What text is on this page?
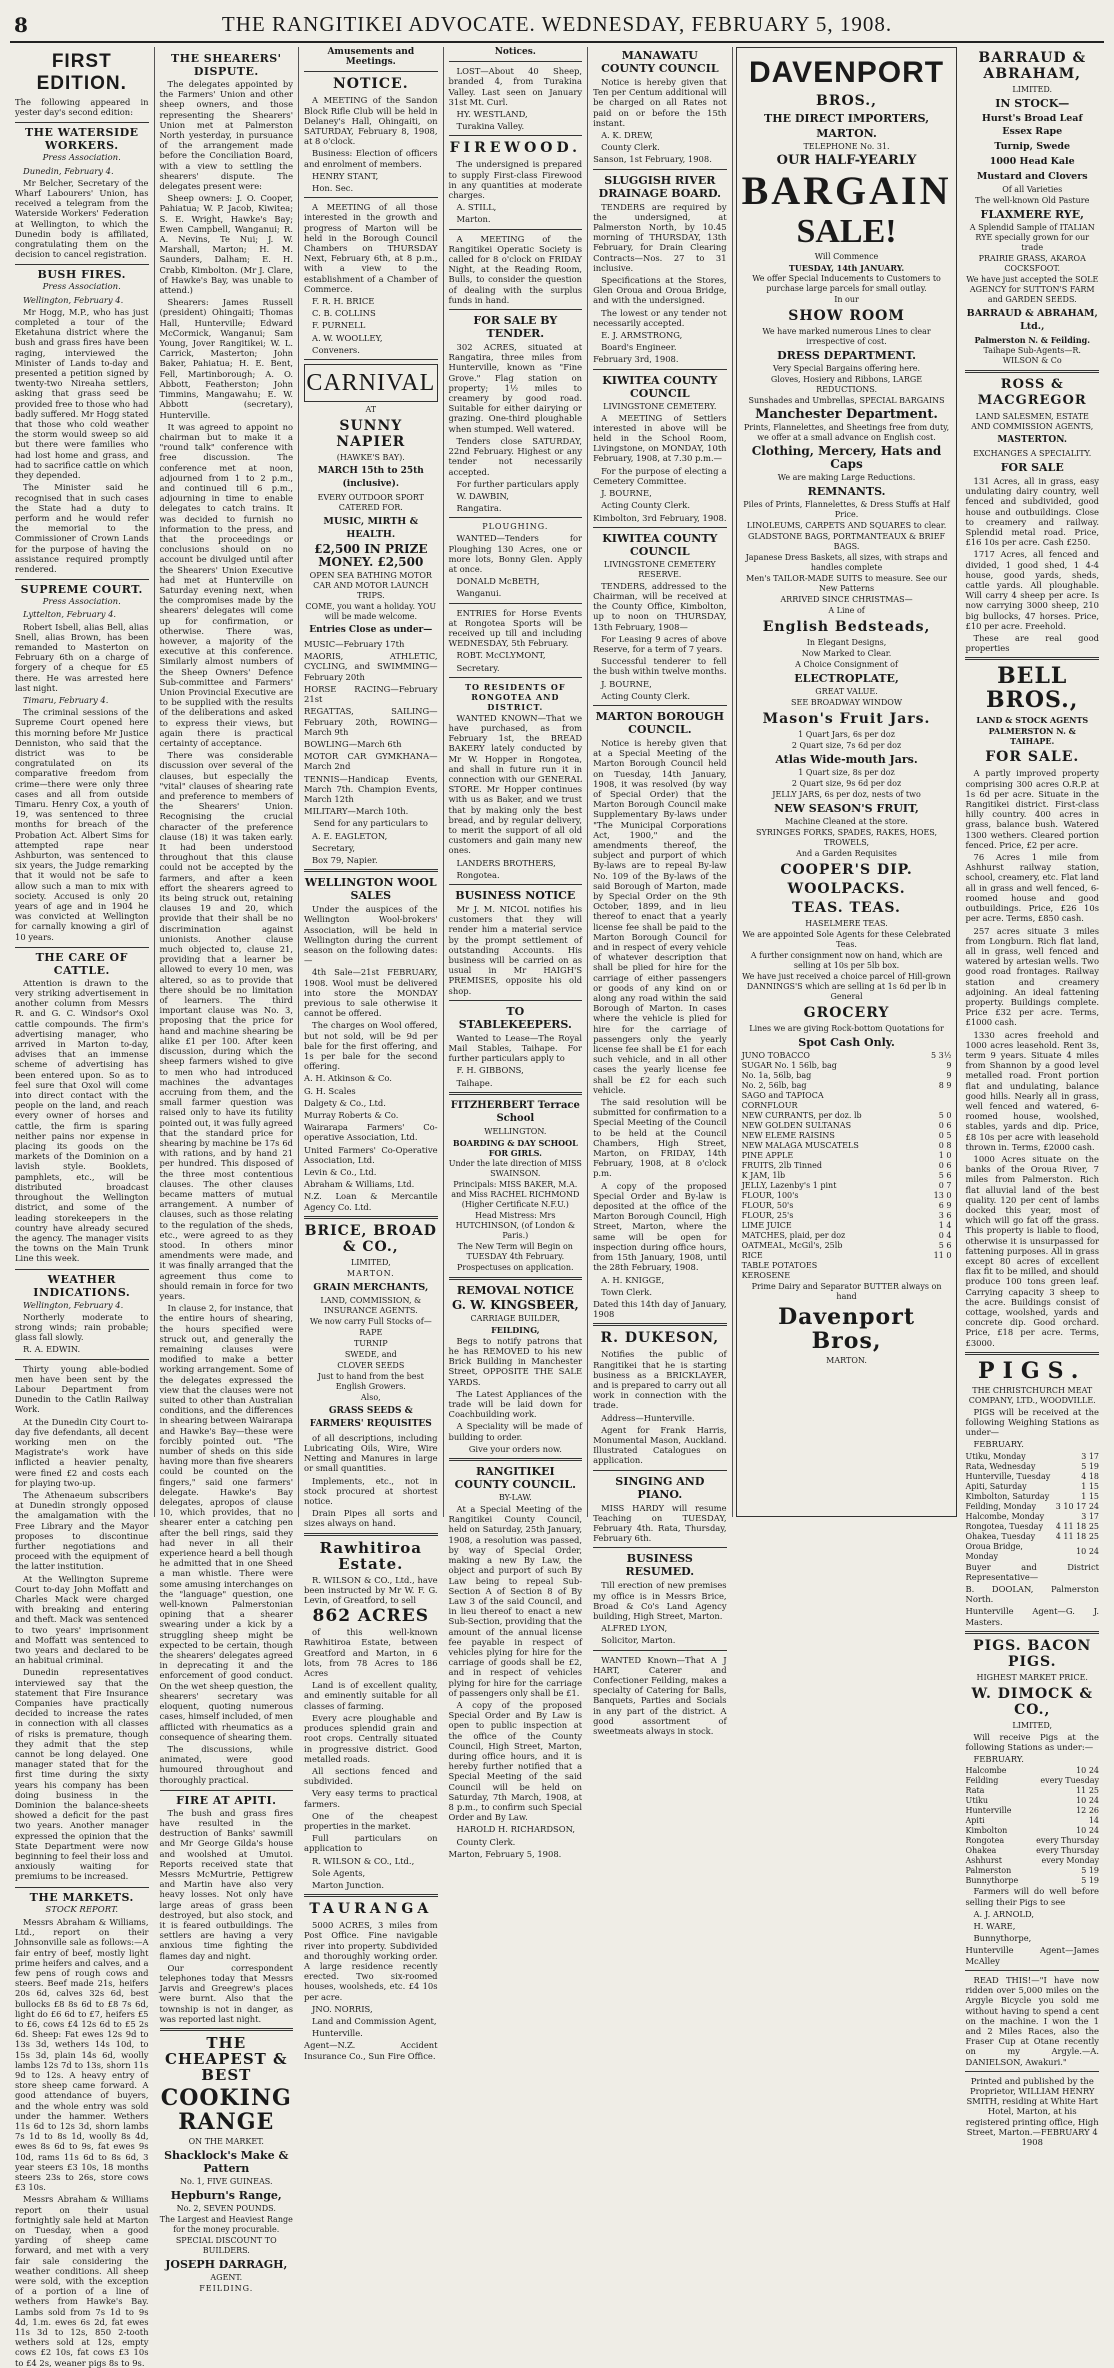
8	THE RANGITIKEI ADVOCATE. WEDNESDAY, FEBRUARY 5, 1908.
FIRST EDITION.

The following appeared in yester day's second edition:

THE WATERSIDE WORKERS.
Press Association.

Dunedin, February 4.

Mr Belcher, Secretary of the Wharf Labourers' Union, has received a telegram from the Waterside Workers' Federation at Wellington, to which the Dunedin body is affiliated, congratulating them on the decision to cancel registration.

BUSH FIRES.
Press Association.

Wellington, February 4.

Mr Hogg, M.P., who has just completed a tour of the Eketahuna district where the bush and grass fires have been raging, interviewed the Minister of Lands to-day and presented a petition signed by twenty-two Nireaha settlers, asking that grass seed be provided free to those who had badly suffered. Mr Hogg stated that those who cold weather the storm would sweep so aid but there were families who had lost home and grass, and had to sacrifice cattle on which they depended.

The Minister said he recognised that in such cases the State had a duty to perform and he would refer the memorial to the Commissioner of Crown Lands for the purpose of having the assistance required promptly rendered.

SUPREME COURT.
Press Association.

Lyttelton, February 4.

Robert Isbell, alias Bell, alias Snell, alias Brown, has been remanded to Masterton on February 6th on a charge of forgery of a cheque for £5 there. He was arrested here last night.

Timaru, February 4.

The criminal sessions of the Supreme Court opened here this morning before Mr Justice Denniston, who said that the district was to be congratulated on its comparative freedom from crime—there were only three cases and all from outside Timaru. Henry Cox, a youth of 19, was sentenced to three months for breach of the Probation Act. Albert Sims for attempted rape near Ashburton, was sentenced to six years, the Judge remarking that it would not be safe to allow such a man to mix with society. Accused is only 20 years of age and in 1904 he was convicted at Wellington for carnally knowing a girl of 10 years.

THE CARE OF CATTLE.

Attention is drawn to the very striking advertisement in another column from Messrs R. and G. C. Windsor's Oxol cattle compounds. The firm's advertising manager, who arrived in Marton to-day, advises that an immense scheme of advertising has been entered upon. So as to feel sure that Oxol will come into direct contact with the people on the land, and reach every owner of horses and cattle, the firm is sparing neither pains nor expense in placing its goods on the markets of the Dominion on a lavish style. Booklets, pamphlets, etc., will be distributed broadcast throughout the Wellington district, and some of the leading storekeepers in the country have already secured the agency. The manager visits the towns on the Main Trunk Line this week.

WEATHER INDICATIONS.

Wellington, February 4.

Northerly moderate to strong winds; rain probable; glass fall slowly.

R. A. EDWIN.

Thirty young able-bodied men have been sent by the Labour Department from Dunedin to the Catlin Railway Work.

At the Dunedin City Court to-day five defendants, all decent working men on the Magistrate's work have inflicted a heavier penalty, were fined £2 and costs each for playing two-up.

The Athenaeum subscribers at Dunedin strongly opposed the amalgamation with the Free Library and the Mayor proposes to discontinue further negotiations and proceed with the equipment of the latter institution.

At the Wellington Supreme Court to-day John Moffatt and Charles Mack were charged with breaking and entering and theft. Mack was sentenced to two years' imprisonment and Moffatt was sentenced to two years and declared to be an habitual criminal.

Dunedin representatives interviewed say that the statement that Fire Insurance Companies have practically decided to increase the rates in connection with all classes of risks is premature, though they admit that the step cannot be long delayed. One manager stated that for the first time during the sixty years his company has been doing business in the Dominion the balance-sheets showed a deficit for the past two years. Another manager expressed the opinion that the State Department were now beginning to feel their loss and anxiously waiting for premiums to be increased.

THE MARKETS.
STOCK REPORT.

Messrs Abraham & Williams, Ltd., report on their Johnsonville sale as follows:—A fair entry of beef, mostly light prime heifers and calves, and a few pens of rough cows and steers. Beef made 21s, heifers 20s 6d, calves 32s 6d, best bullocks £8 8s 6d to £8 7s 6d, light do £6 6d to £7, heifers £5 to £6, cows £4 12s 6d to £5 2s 6d. Sheep: Fat ewes 12s 9d to 13s 3d, wethers 14s 10d, to 15s 3d, plain 14s 6d, woolly lambs 12s 7d to 13s, shorn 11s 9d to 12s. A heavy entry of store sheep came forward. A good attendance of buyers, and the whole entry was sold under the hammer. Wethers 11s 6d to 12s 3d, shorn lambs 7s 1d to 8s 1d, woolly 8s 4d, ewes 8s 6d to 9s, fat ewes 9s 10d, rams 11s 6d to 8s 6d, 3 year steers £3 10s, 18 months steers 23s to 26s, store cows £3 10s.

Messrs Abraham & Williams report on their usual fortnightly sale held at Marton on Tuesday, when a good yarding of sheep came forward, and met with a very fair sale considering the weather conditions. All sheep were sold, with the exception of a portion of a line of wethers from Hawke's Bay. Lambs sold from 7s 1d to 9s 4d, 1.m. ewes 6s 2d, fat ewes 11s 3d to 12s, 850 2-tooth wethers sold at 12s, empty cows £2 10s, fat cows £3 10s to £4 2s, weaner pigs 8s to 9s.

THE SHEARERS' DISPUTE.

The delegates appointed by the Farmers' Union and other sheep owners, and those representing the Shearers' Union met at Palmerston North yesterday, in pursuance of the arrangement made before the Conciliation Board, with a view to settling the shearers' dispute. The delegates present were:

Sheep owners: J. O. Cooper, Pahiatua; W. P. Jacob, Kiwitea; S. E. Wright, Hawke's Bay; Ewen Campbell, Wanganui; R. A. Nevins, Te Nui; J. W. Marshall, Marton; H. M. Saunders, Dalham; E. H. Crabb, Kimbolton. (Mr J. Clare, of Hawke's Bay, was unable to attend.)

Shearers: James Russell (president) Ohingaiti; Thomas Hall, Hunterville; Edward McCormick, Wanganui; Sam Young, Jover Rangitikei; W. L. Carrick, Masterton; John Baker, Pahiatua; H. E. Bent, Fell, Martinborough; A. O. Abbott, Featherston; John Timmins, Mangawahu; E. W. Abbott (secretary), Hunterville.

It was agreed to appoint no chairman but to make it a "round talk" conference with free discussion. The conference met at noon, adjourned from 1 to 2 p.m., and continued till 6 p.m., adjourning in time to enable delegates to catch trains. It was decided to furnish no information to the press, and that the proceedings or conclusions should on no account be divulged until after the Shearers' Union Executive had met at Hunterville on Saturday evening next, when the compromises made by the shearers' delegates will come up for confirmation, or otherwise. There was, however, a majority of the executive at this conference. Similarly almost numbers of the Sheep Owners' Defence Sub-committee and Farmers' Union Provincial Executive are to be supplied with the results of the deliberations and asked to express their views, but again there is practical certainty of acceptance.

There was considerable discussion over several of the clauses, but especially the "vital" clauses of shearing rate and preference to members of the Shearers' Union. Recognising the crucial character of the preference clause (18) it was taken early. It had been understood throughout that this clause could not be accepted by the farmers, and after a keen effort the shearers agreed to its being struck out, retaining clauses 19 and 20, which provide that their shall be no discrimination against unionists. Another clause much objected to, clause 21, providing that a learner be allowed to every 10 men, was altered, so as to provide that there should be no limitation of learners. The third important clause was No. 3, proposing that the price for hand and machine shearing be alike £1 per 100. After keen discussion, during which the sheep farmers wished to give to men who had introduced machines the advantages accruing from them, and the small farmer question was raised only to have its futility pointed out, it was fully agreed that the standard price for shearing by machine be 17s 6d with rations, and by hand 21 per hundred. This disposed of the three most contentious clauses. The other clauses became matters of mutual arrangement. A number of clauses, such as those relating to the regulation of the sheds, etc., were agreed to as they stood. In others minor amendments were made, and it was finally arranged that the agreement thus come to should remain in force for two years.

In clause 2, for instance, that the entire hours of shearing, the hours specified were struck out, and generally the remaining clauses were modified to make a better working arrangement. Some of the delegates expressed the view that the clauses were not suited to other than Australian conditions, and the differences in shearing between Wairarapa and Hawke's Bay—these were forcibly pointed out. "The number of sheds on this side having more than five shearers could be counted on the fingers," said one farmers' delegate. Hawke's Bay delegates, apropos of clause 10, which provides, that no shearer enter a catching pen after the bell rings, said they had never in all their experience heard a bell though he admitted that in one Sheed a man whistle. There were some amusing interchanges on the "language" question, one well-known Palmerstonian opining that a shearer swearing under a kick by a struggling sheep might be expected to be certain, though the shearers' delegates agreed in deprecating it and the enforcement of good conduct. On the wet sheep question, the shearers' secretary was eloquent, quoting numerous cases, himself included, of men afflicted with rheumatics as a consequence of shearing them.

The discussions, while animated, were good humoured throughout and thoroughly practical.

FIRE AT APITI.

The bush and grass fires have resulted in the destruction of Banks' sawmill and Mr George Gilda's house and woolshed at Umutoi. Reports received state that Messrs McMurtrie, Pettigrew and Martin have also very heavy losses. Not only have large areas of grass been destroyed, but also stock, and it is feared outbuildings. The settlers are having a very anxious time fighting the flames day and night.

Our correspondent telephones today that Messrs Jarvis and Greegrew's places were burnt. Also that the township is not in danger, as was reported last night.

THE CHEAPEST & BEST
COOKING RANGE
ON THE MARKET.
Shacklock's Make & Pattern
No. 1, FIVE GUINEAS.
Hepburn's Range,
No. 2, SEVEN POUNDS.
The Largest and Heaviest Range for the money procurable.
SPECIAL DISCOUNT TO BUILDERS.
JOSEPH DARRAGH,
AGENT.
FEILDING.
Amusements and Meetings.
NOTICE.

A MEETING of the Sandon Block Rifle Club will be held in Delaney's Hall, Ohingaiti, on SATURDAY, February 8, 1908, at 8 o'clock.

Business: Election of officers and enrolment of members.

HENRY STANT,

Hon. Sec.

A MEETING of all those interested in the growth and progress of Marton will be held in the Borough Council Chambers on THURSDAY Next, February 6th, at 8 p.m., with a view to the establishment of a Chamber of Commerce.

F. R. H. BRICE

C. B. COLLINS

F. PURNELL

A. W. WOOLLEY,

Conveners.

CARNIVAL
AT
SUNNY NAPIER
(HAWKE'S BAY).
MARCH 15th to 25th (inclusive).
EVERY OUTDOOR SPORT CATERED FOR.
MUSIC, MIRTH & HEALTH.
£2,500 IN PRIZE MONEY. £2,500
OPEN SEA BATHING MOTOR CAR AND MOTOR LAUNCH TRIPS.
COME, you want a holiday. YOU will be made welcome.
Entries Close as under—

MUSIC—February 17th

MAORIS, ATHLETIC, CYCLING, and SWIMMING—February 20th

HORSE RACING—February 21st

REGATTAS, SAILING—February 20th, ROWING—March 9th

BOWLING—March 6th

MOTOR CAR GYMKHANA—March 2nd

TENNIS—Handicap Events, March 7th. Champion Events, March 12th

MILITARY—March 10th.

Send for any particulars to

A. E. EAGLETON,

Secretary,

Box 79, Napier.

WELLINGTON WOOL SALES

Under the auspices of the Wellington Wool-brokers' Association, will be held in Wellington during the current season on the following dates:—

4th Sale—21st FEBRUARY, 1908. Wool must be delivered into store the MONDAY previous to sale otherwise it cannot be offered.

The charges on Wool offered, but not sold, will be 9d per bale for the first offering, and 1s per bale for the second offering.

A. H. Atkinson & Co.

G. H. Scales

Dalgety & Co., Ltd.

Murray Roberts & Co.

Wairarapa Farmers' Co-operative Association, Ltd.

United Farmers' Co-Operative Association, Ltd.

Levin & Co., Ltd.

Abraham & Williams, Ltd.

N.Z. Loan & Mercantile Agency Co. Ltd.

BRICE, BROAD & CO.,
LIMITED,
MARTON.
GRAIN MERCHANTS,
LAND, COMMISSION, & INSURANCE AGENTS.
We now carry Full Stocks of—
RAPE
TURNIP
SWEDE, and
CLOVER SEEDS
Just to hand from the best English Growers.
Also,
GRASS SEEDS & FARMERS' REQUISITES

of all descriptions, including Lubricating Oils, Wire, Wire Netting and Manures in large or small quantities.

Implements, etc., not in stock procured at shortest notice.

Drain Pipes all sorts and sizes always on hand.

Rawhitiroa Estate.

R. WILSON & CO., Ltd., have been instructed by Mr W. F. G. Levin, of Greatford, to sell

862 ACRES

of this well-known Rawhitiroa Estate, between Greatford and Marton, in 6 lots, from 78 Acres to 186 Acres

Land is of excellent quality, and eminently suitable for all classes of farming.

Every acre ploughable and produces splendid grain and root crops. Centrally situated in progressive district. Good metalled roads.

All sections fenced and subdivided.

Very easy terms to practical farmers.

One of the cheapest properties in the market.

Full particulars on application to

R. WILSON & CO., Ltd.,

Sole Agents,

Marton Junction.

TAURANGA

5000 ACRES, 3 miles from Post Office. Fine navigable river into property. Subdivided and thoroughly working order. A large residence recently erected. Two six-roomed houses, woolsheds, etc. £4 10s per acre.

JNO. NORRIS,

Land and Commission Agent,

Hunterville.

Agent—N.Z. Accident Insurance Co., Sun Fire Office.

Notices.

LOST—About 40 Sheep, branded 4, from Turakina Valley. Last seen on January 31st Mt. Curl.

HY. WESTLAND,

Turakina Valley.

FIREWOOD.

The undersigned is prepared to supply First-class Firewood in any quantities at moderate charges.

A. STILL,

Marton.

A MEETING of the Rangitikei Operatic Society is called for 8 o'clock on FRIDAY Night, at the Reading Room, Bulls, to consider the question of dealing with the surplus funds in hand.

FOR SALE BY TENDER.

302 ACRES, situated at Rangatira, three miles from Hunterville, known as "Fine Grove." Flag station on property; 1½ miles to creamery by good road. Suitable for either dairying or grazing. One-third ploughable when stumped. Well watered.

Tenders close SATURDAY, 22nd February. Highest or any tender not necessarily accepted.

For further particulars apply

W. DAWBIN,

Rangatira.

PLOUGHING.

WANTED—Tenders for Ploughing 130 Acres, one or more lots, Bonny Glen. Apply at once.

DONALD McBETH,

Wanganui.

ENTRIES for Horse Events at Rongotea Sports will be received up till and including WEDNESDAY, 5th February.

ROBT. McCLYMONT,

Secretary.

TO RESIDENTS OF RONGOTEA AND DISTRICT.

WANTED KNOWN—That we have purchased, as from February 1st, the BREAD BAKERY lately conducted by Mr W. Hopper in Rongotea, and shall in future run it in connection with our GENERAL STORE. Mr Hopper continues with us as Baker, and we trust that by making only the best bread, and by regular delivery, to merit the support of all old customers and gain many new ones.

LANDERS BROTHERS,

Rongotea.

BUSINESS NOTICE

Mr J. M. NICOL notifies his customers that they will render him a material service by the prompt settlement of outstanding Accounts. His business will be carried on as usual in Mr HAIGH'S PREMISES, opposite his old shop.

TO STABLEKEEPERS.

Wanted to Lease—The Royal Mail Stables, Taihape. For further particulars apply to

F. H. GIBBONS,

Taihape.

FITZHERBERT Terrace School
WELLINGTON.
BOARDING & DAY SCHOOL FOR GIRLS.
Under the late direction of MISS SWAINSON.
Principals: MISS BAKER, M.A. and Miss RACHEL RICHMOND (Higher Certificate N.F.U.)
Head Mistress: Mrs HUTCHINSON, (of London & Paris.)
The New Term will Begin on TUESDAY 4th February.
Prospectuses on application.
REMOVAL NOTICE
G. W. KINGSBEER,
CARRIAGE BUILDER,
FEILDING,

Begs to notify patrons that he has REMOVED to his new Brick Building in Manchester Street, OPPOSITE THE SALE YARDS.

The Latest Appliances of the trade will be laid down for Coachbuilding work.

A Speciality will be made of building to order.

Give your orders now.

RANGITIKEI COUNTY COUNCIL.
BY-LAW.

At a Special Meeting of the Rangitikei County Council, held on Saturday, 25th January, 1908, a resolution was passed, by way of Special Order, making a new By Law, the object and purport of such By Law being to repeal Sub-Section A of Section 8 of By Law 3 of the said Council, and in lieu thereof to enact a new Sub-Section, providing that the amount of the annual license fee payable in respect of vehicles plying for hire for the carriage of goods shall be £2, and in respect of vehicles plying for hire for the carriage of passengers only shall be £1.

A copy of the proposed Special Order and By Law is open to public inspection at the office of the County Council, High Street, Marton, during office hours, and it is hereby further notified that a Special Meeting of the said Council will be held on Saturday, 7th March, 1908, at 8 p.m., to confirm such Special Order and By Law.

HAROLD H. RICHARDSON,

County Clerk.

Marton, February 5, 1908.

MANAWATU COUNTY COUNCIL

Notice is hereby given that Ten per Centum additional will be charged on all Rates not paid on or before the 15th instant.

A. K. DREW,

County Clerk.

Sanson, 1st February, 1908.

SLUGGISH RIVER DRAINAGE BOARD.

TENDERS are required by the undersigned, at Palmerston North, by 10.45 morning of THURSDAY, 13th February, for Drain Clearing Contracts—Nos. 27 to 31 inclusive.

Specifications at the Stores, Glen Oroua and Oroua Bridge, and with the undersigned.

The lowest or any tender not necessarily accepted.

E. J. ARMSTRONG,

Board's Engineer.

February 3rd, 1908.

KIWITEA COUNTY COUNCIL
LIVINGSTONE CEMETERY.

A MEETING of Settlers interested in above will be held in the School Room, Livingstone, on MONDAY, 10th February, 1908, at 7.30 p.m.—

For the purpose of electing a Cemetery Committee.

J. BOURNE,

Acting County Clerk.

Kimbolton, 3rd February, 1908.

KIWITEA COUNTY COUNCIL
LIVINGSTONE CEMETERY RESERVE.

TENDERS, addressed to the Chairman, will be received at the County Office, Kimbolton, up to noon on THURSDAY, 13th February, 1908—

For Leasing 9 acres of above Reserve, for a term of 7 years.

Successful tenderer to fell the bush within twelve months.

J. BOURNE,

Acting County Clerk.

MARTON BOROUGH COUNCIL.

Notice is hereby given that at a Special Meeting of the Marton Borough Council held on Tuesday, 14th January, 1908, it was resolved (by way of Special Order) that the Marton Borough Council make Supplementary By-laws under "The Municipal Corporations Act, 1900," and the amendments thereof, the subject and purport of which By-laws are to repeal By-law No. 109 of the By-laws of the said Borough of Marton, made by Special Order on the 9th October, 1899, and in lieu thereof to enact that a yearly license fee shall be paid to the Marton Borough Council for and in respect of every vehicle of whatever description that shall be plied for hire for the carriage of either passengers or goods of any kind on or along any road within the said Borough of Marton. In cases where the vehicle is plied for hire for the carriage of passengers only the yearly license fee shall be £1 for each such vehicle, and in all other cases the yearly license fee shall be £2 for each such vehicle.

The said resolution will be submitted for confirmation to a Special Meeting of the Council to be held at the Council Chambers, High Street, Marton, on FRIDAY, 14th February, 1908, at 8 o'clock p.m.

A copy of the proposed Special Order and By-law is deposited at the office of the Marton Borough Council, High Street, Marton, where the same will be open for inspection during office hours, from 15th January, 1908, until the 28th February, 1908.

A. H. KNIGGE,

Town Clerk.

Dated this 14th day of January, 1908

R. DUKESON,

Notifies the public of Rangitikei that he is starting business as a BRICKLAYER, and is prepared to carry out all work in connection with the trade.

Address—Hunterville.

Agent for Frank Harris, Monumental Mason, Auckland. Illustrated Catalogues on application.

SINGING AND PIANO.

MISS HARDY will resume Teaching on TUESDAY, February 4th. Rata, Thursday, February 6th.

BUSINESS RESUMED.

Till erection of new premises my office is in Messrs Brice, Broad & Co's Land Agency building, High Street, Marton.

ALFRED LYON,

Solicitor, Marton.

WANTED Known—That A J HART, Caterer and Confectioner Feilding, makes a specialty of Catering for Balls, Banquets, Parties and Socials in any part of the district. A good assortment of sweetmeats always in stock.

DAVENPORT
BROS.,
THE DIRECT IMPORTERS,
MARTON.
TELEPHONE No. 31.
OUR HALF-YEARLY
BARGAIN
SALE!
Will Commence
TUESDAY, 14th JANUARY.
We offer Special Inducements to Customers to purchase large parcels for small outlay.
In our
SHOW ROOM
We have marked numerous Lines to clear irrespective of cost.
DRESS DEPARTMENT.
Very Special Bargains offering here.
Gloves, Hosiery and Ribbons, LARGE REDUCTIONS.
Sunshades and Umbrellas, SPECIAL BARGAINS
Manchester Department.
Prints, Flannelettes, and Sheetings free from duty, we offer at a small advance on English cost.
Clothing, Mercery, Hats and Caps
We are making Large Reductions.
REMNANTS.
Piles of Prints, Flannelettes, & Dress Stuffs at Half Price.
LINOLEUMS, CARPETS AND SQUARES to clear.
GLADSTONE BAGS, PORTMANTEAUX & BRIEF BAGS.
Japanese Dress Baskets, all sizes, with straps and handles complete
Men's TAILOR-MADE SUITS to measure. See our New Patterns
ARRIVED SINCE CHRISTMAS—
A Line of
English Bedsteads,
In Elegant Designs,
Now Marked to Clear.
A Choice Consignment of
ELECTROPLATE,
GREAT VALUE.
SEE BROADWAY WINDOW
Mason's Fruit Jars.
1 Quart Jars, 6s per doz
2 Quart size, 7s 6d per doz
Atlas Wide-mouth Jars.
1 Quart size, 8s per doz
2 Quart size, 9s 6d per doz
JELLY JARS, 6s per doz, nests of two
NEW SEASON'S FRUIT,
Machine Cleaned at the store.
SYRINGES FORKS, SPADES, RAKES, HOES, TROWELS,
And a Garden Requisites
COOPER'S DIP.
WOOLPACKS.
TEAS. TEAS.
HASELMERE TEAS.
We are appointed Sole Agents for these Celebrated Teas.
A further consignment now on hand, which are selling at 10s per 5lb box.
We have just received a choice parcel of Hill-grown DANNINGS'S which are selling at 1s 6d per lb in General
GROCERY
Lines we are giving Rock-bottom Quotations for
Spot Cash Only.
JUNO TOBACCO	5 3½
SUGAR No. 1 56lb, bag	9
No. 1a, 56lb, bag	9
No. 2, 56lb, bag	8 9
SAGO and TAPIOCA	
CORNFLOUR	
NEW CURRANTS, per doz. lb	5 0
NEW GOLDEN SULTANAS	0 6
NEW ELEME RAISINS	0 5
NEW MALAGA MUSCATELS	0 8
PINE APPLE	1 0
FRUITS, 2lb Tinned	0 6
K JAM, 1lb	5 6
JELLY, Lazenby's 1 pint	0 7
FLOUR, 100's	13 0
FLOUR, 50's	6 9
FLOUR, 25's	3 6
LIME JUICE	1 4
MATCHES, plaid, per doz	0 4
OATMEAL, McGil's, 25lb	5 6
RICE	11 0
TABLE POTATOES	
KEROSENE	
Prime Dairy and Separator BUTTER always on hand
Davenport Bros,
MARTON.
BARRAUD & ABRAHAM,
LIMITED.
IN STOCK—
Hurst's Broad Leaf Essex Rape
Turnip, Swede
1000 Head Kale
Mustard and Clovers
Of all Varieties
The well-known Old Pasture
FLAXMERE RYE,
A Splendid Sample of ITALIAN RYE specially grown for our trade
PRAIRIE GRASS, AKAROA COCKSFOOT.
We have just accepted the SOLE AGENCY for SUTTON'S FARM and GARDEN SEEDS.
BARRAUD & ABRAHAM, Ltd.,
Palmerston N. & Feilding.
Taihape Sub-Agents—R. WILSON & Co
ROSS & MACGREGOR
LAND SALESMEN, ESTATE AND COMMISSION AGENTS,
MASTERTON.
EXCHANGES A SPECIALITY.
FOR SALE

131 Acres, all in grass, easy undulating dairy country, well fenced and subdivided, good house and outbuildings. Close to creamery and railway. Splendid metal road. Price, £16 10s per acre. Cash £250.

1717 Acres, all fenced and divided, 1 good shed, 1 4-4 house, good yards, sheds, cattle yards. All ploughable. Will carry 4 sheep per acre. Is now carrying 3000 sheep, 210 big bullocks, 47 horses. Price, £10 per acre. Freehold.

These are real good properties

BELL BROS.,
LAND & STOCK AGENTS
PALMERSTON N. & TAIHAPE.
FOR SALE.

A partly improved property comprising 300 acres O.R.P. at 1s 6d per acre. Situate in the Rangitikei district. First-class hilly country. 400 acres in grass, balance bush. Watered 1300 wethers. Cleared portion fenced. Price, £2 per acre.

76 Acres 1 mile from Ashhurst railway station, school, creamery, etc. Flat land all in grass and well fenced, 6-roomed house and good outbuildings. Price, £26 10s per acre. Terms, £850 cash.

257 acres situate 3 miles from Longburn. Rich flat land, all in grass, well fenced and watered by artesian wells. Two good road frontages. Railway station and creamery adjoining. An ideal fattening property. Buildings complete. Price £32 per acre. Terms, £1000 cash.

1330 acres freehold and 1000 acres leasehold. Rent 3s, term 9 years. Situate 4 miles from Shannon by a good level metalled road. Front portion flat and undulating, balance good hills. Nearly all in grass, well fenced and watered, 6-roomed house, woolshed, stables, yards and dip. Price, £8 10s per acre with leasehold thrown in. Terms, £2000 cash.

1000 Acres situate on the banks of the Oroua River, 7 miles from Palmerston. Rich flat alluvial land of the best quality. 120 per cent of lambs docked this year, most of which will go fat off the grass. This property is liable to flood, otherwise it is unsurpassed for fattening purposes. All in grass except 80 acres of excellent flax fit to be milled, and should produce 100 tons green leaf. Carrying capacity 3 sheep to the acre. Buildings consist of cottage, woolshed, yards and concrete dip. Good orchard. Price, £18 per acre. Terms, £3000.

PIGS.
THE CHRISTCHURCH MEAT COMPANY, LTD., WOODVILLE.

PIGS will be received at the following Weighing Stations as under—

FEBRUARY.

Utiku, Monday	3 17
Rata, Wednesday	5 19
Hunterville, Tuesday	4 18
Apiti, Saturday	1 15
Kimbolton, Saturday	1 15
Feilding, Monday	3 10 17 24
Halcombe, Monday	3 17
Rongotea, Tuesday	4 11 18 25
Ohakea, Tuesday	4 11 18 25
Oroua Bridge, Monday	10 24

Buyer and District Representative—

B. DOOLAN, Palmerston North.

Hunterville Agent—G. J. Masters.

PIGS. BACON PIGS.
HIGHEST MARKET PRICE.
W. DIMOCK & CO.,
LIMITED,

Will receive Pigs at the following Stations as under:—

FEBRUARY.

Halcombe	10 24
Feilding	every Tuesday
Rata	11 25
Utiku	10 24
Hunterville	12 26
Apiti	14
Kimbolton	10 24
Rongotea	every Thursday
Ohakea	every Thursday
Ashhurst	every Monday
Palmerston	5 19
Bunnythorpe	5 19

Farmers will do well before selling their Pigs to see

A. J. ARNOLD,

H. WARE,

Bunnythorpe,

Hunterville Agent—James McAlley

READ THIS!—"I have now ridden over 5,000 miles on the Argyle Bicycle you sold me without having to spend a cent on the machine. I won the 1 and 2 Miles Races, also the Fraser Cup at Otane recently on my Argyle.—A. DANIELSON, Awakuri."

Printed and published by the Proprietor, WILLIAM HENRY SMITH, residing at White Hart Hotel, Marton, at his registered printing office, High Street, Marton.—FEBRUARY 4 1908
